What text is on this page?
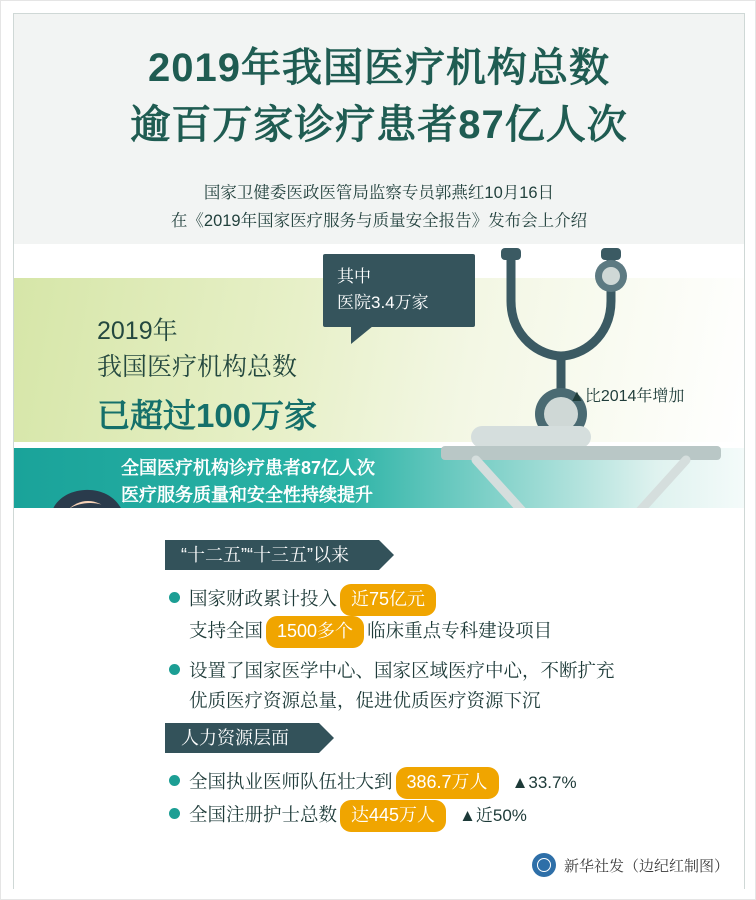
2019年我国医疗机构总数
逾百万家诊疗患者87亿人次
国家卫健委医政医管局监察专员郭燕红10月16日
在《2019年国家医疗服务与质量安全报告》发布会上介绍
2019年
我国医疗机构总数
已超过100万家
其中
医院3.4万家
▲比2014年增加
全国医疗机构诊疗患者87亿人次
医疗服务质量和安全性持续提升
“十二五”“十三五”以来
国家财政累计投入 近75亿元
支持全国 1500多个 临床重点专科建设项目
设置了国家医学中心、国家区域医疗中心，不断扩充
优质医疗资源总量，促进优质医疗资源下沉
人力资源层面
全国执业医师队伍壮大到 386.7万人 ▲33.7%
全国注册护士总数 达445万人 ▲近50%
新华社发（边纪红制图）
